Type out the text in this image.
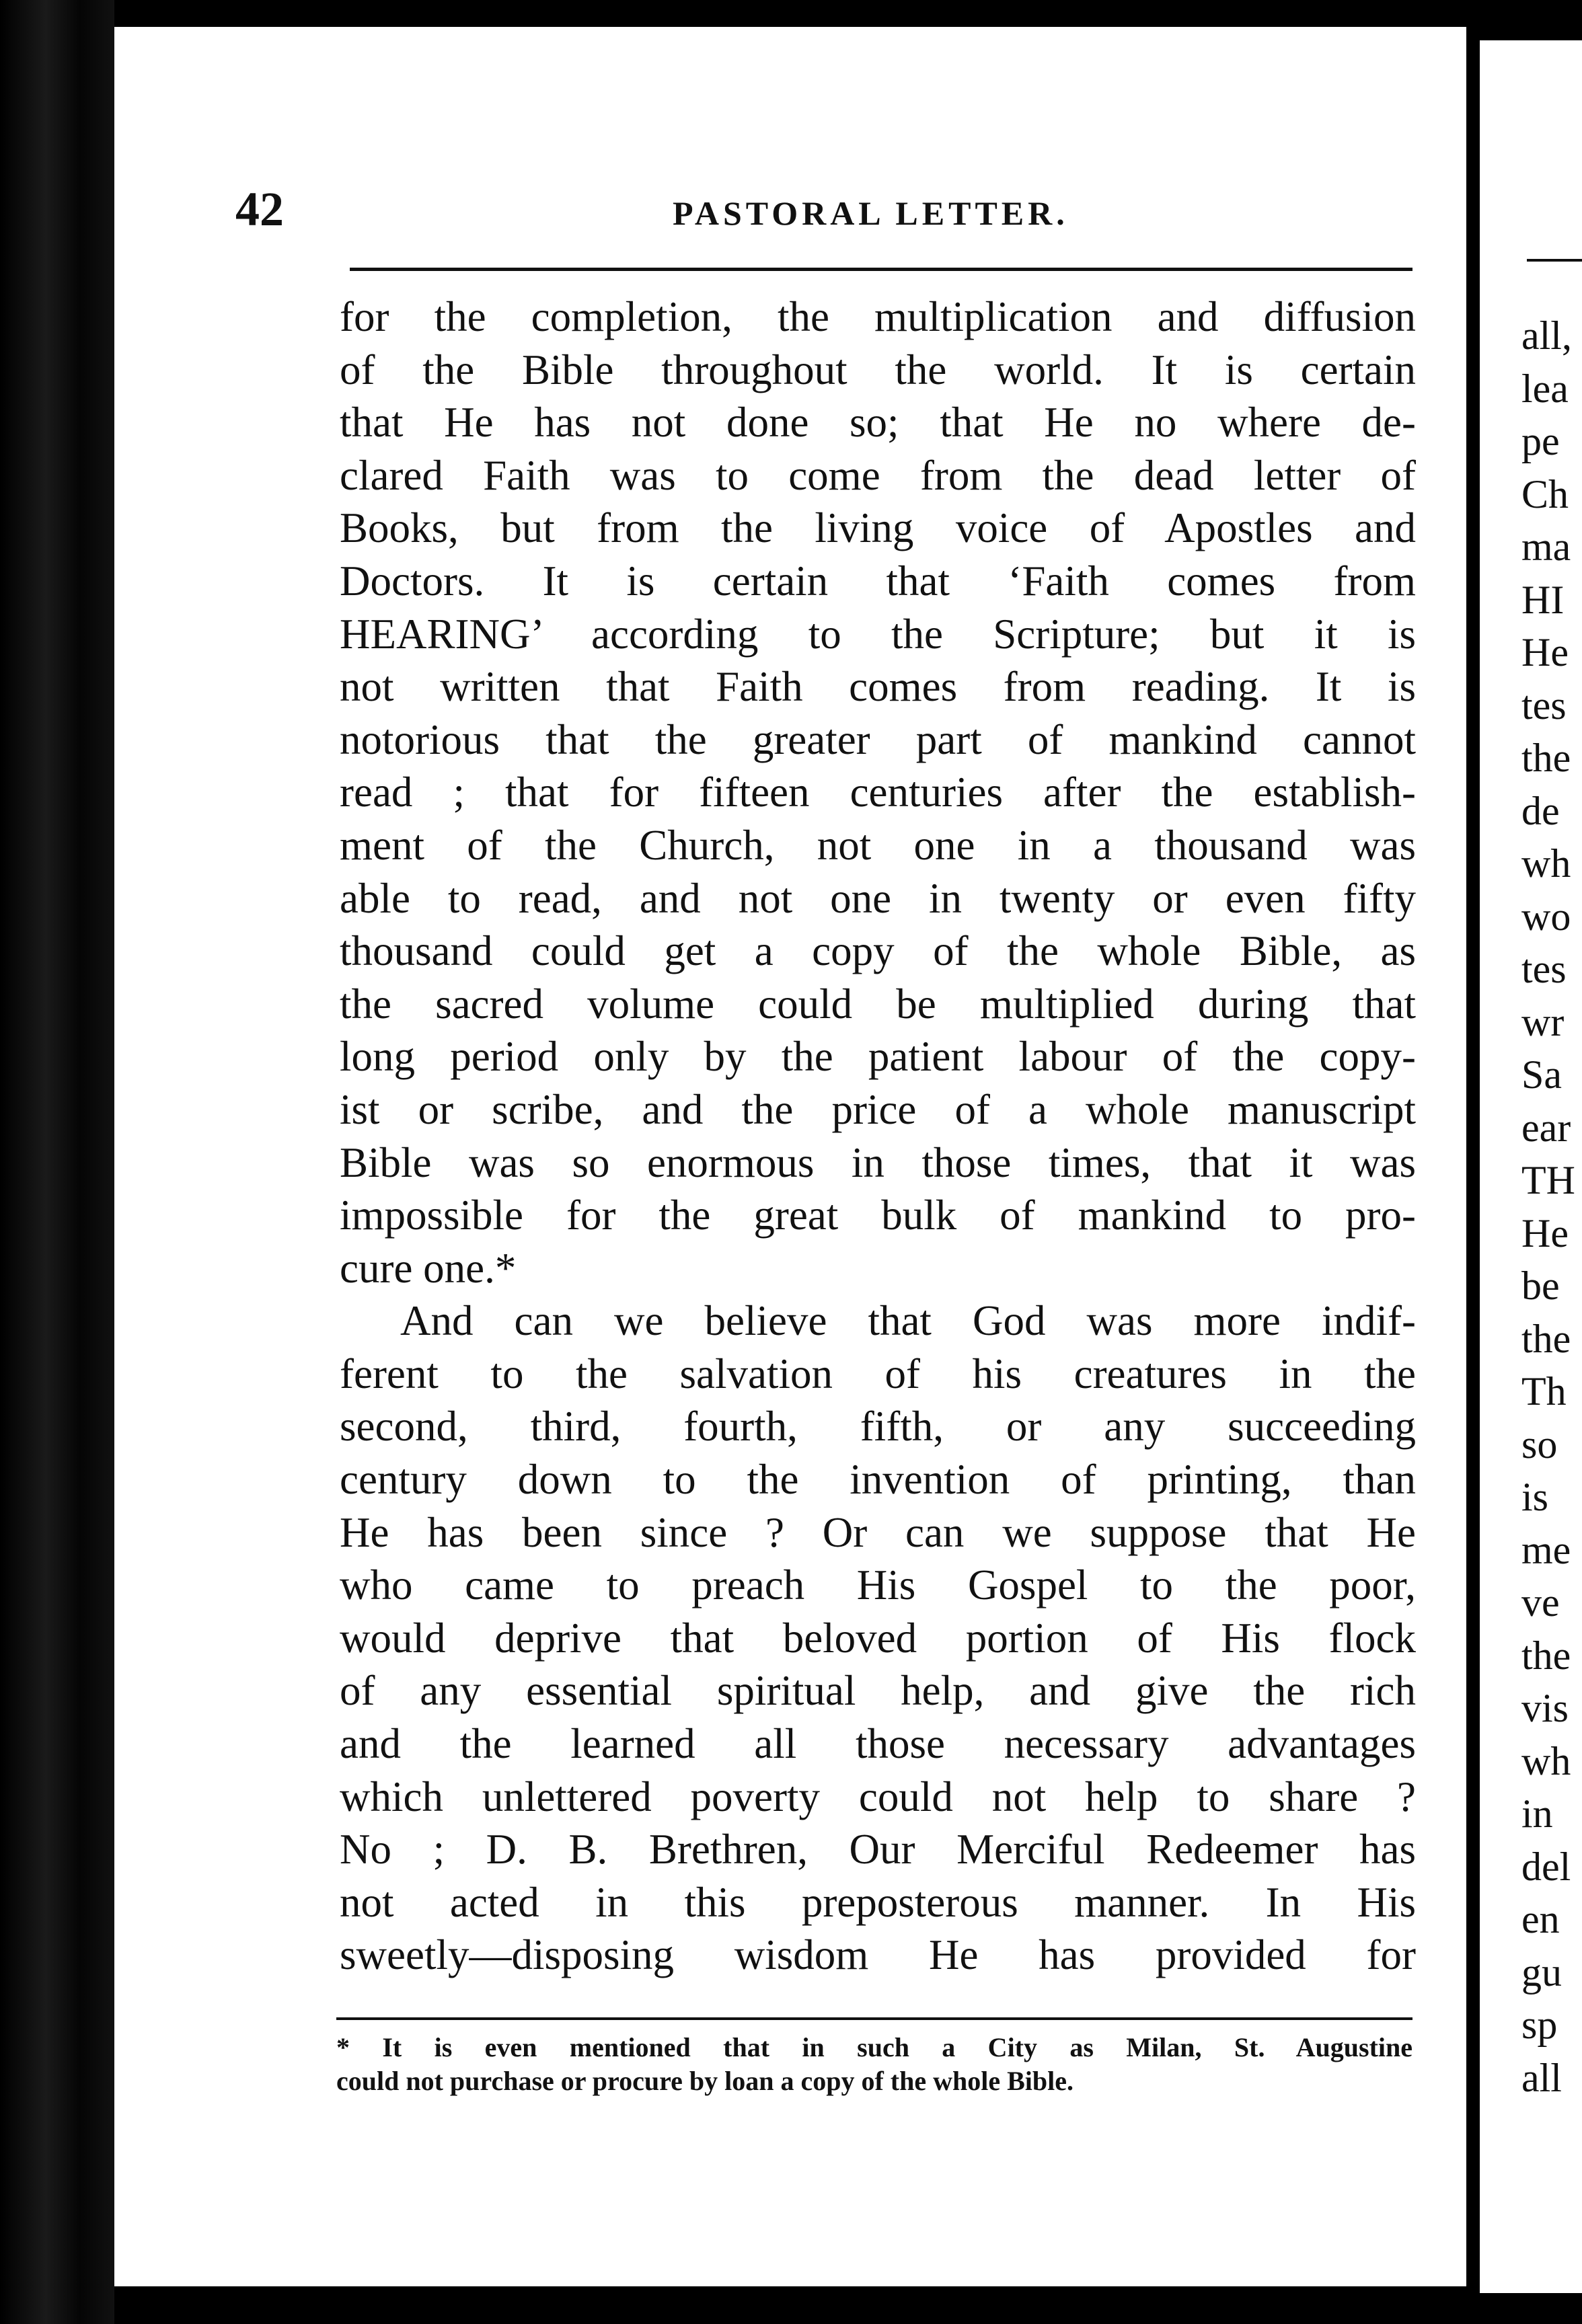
42	PASTORAL LETTER.
for the completion, the multiplication and diffusion
of the Bible throughout the world. It is certain
that He has not done so; that He no where de-
clared Faith was to come from the dead letter of
Books, but from the living voice of Apostles and
Doctors. It is certain that ‘Faith comes from
HEARING’ according to the Scripture; but it is
not written that Faith comes from reading. It is
notorious that the greater part of mankind cannot
read ; that for fifteen centuries after the establish-
ment of the Church, not one in a thousand was
able to read, and not one in twenty or even fifty
thousand could get a copy of the whole Bible, as
the sacred volume could be multiplied during that
long period only by the patient labour of the copy-
ist or scribe, and the price of a whole manuscript
Bible was so enormous in those times, that it was
impossible for the great bulk of mankind to pro-
cure one.*
And can we believe that God was more indif-
ferent to the salvation of his creatures in the
second, third, fourth, fifth, or any succeeding
century down to the invention of printing, than
He has been since ? Or can we suppose that He
who came to preach His Gospel to the poor,
would deprive that beloved portion of His flock
of any essential spiritual help, and give the rich
and the learned all those necessary advantages
which unlettered poverty could not help to share ?
No ; D. B. Brethren, Our Merciful Redeemer has
not acted in this preposterous manner. In His
sweetly—disposing wisdom He has provided for
* It is even mentioned that in such a City as Milan, St. Augustine
could not purchase or procure by loan a copy of the whole Bible.
all,
lea
pe
Ch
ma
HI
He
tes
the
de
wh
wo
tes
wr
Sa
ear
TH
He
be
the
Th
so
is
me
ve
the
vis
wh
in
del
en
gu
sp
all
